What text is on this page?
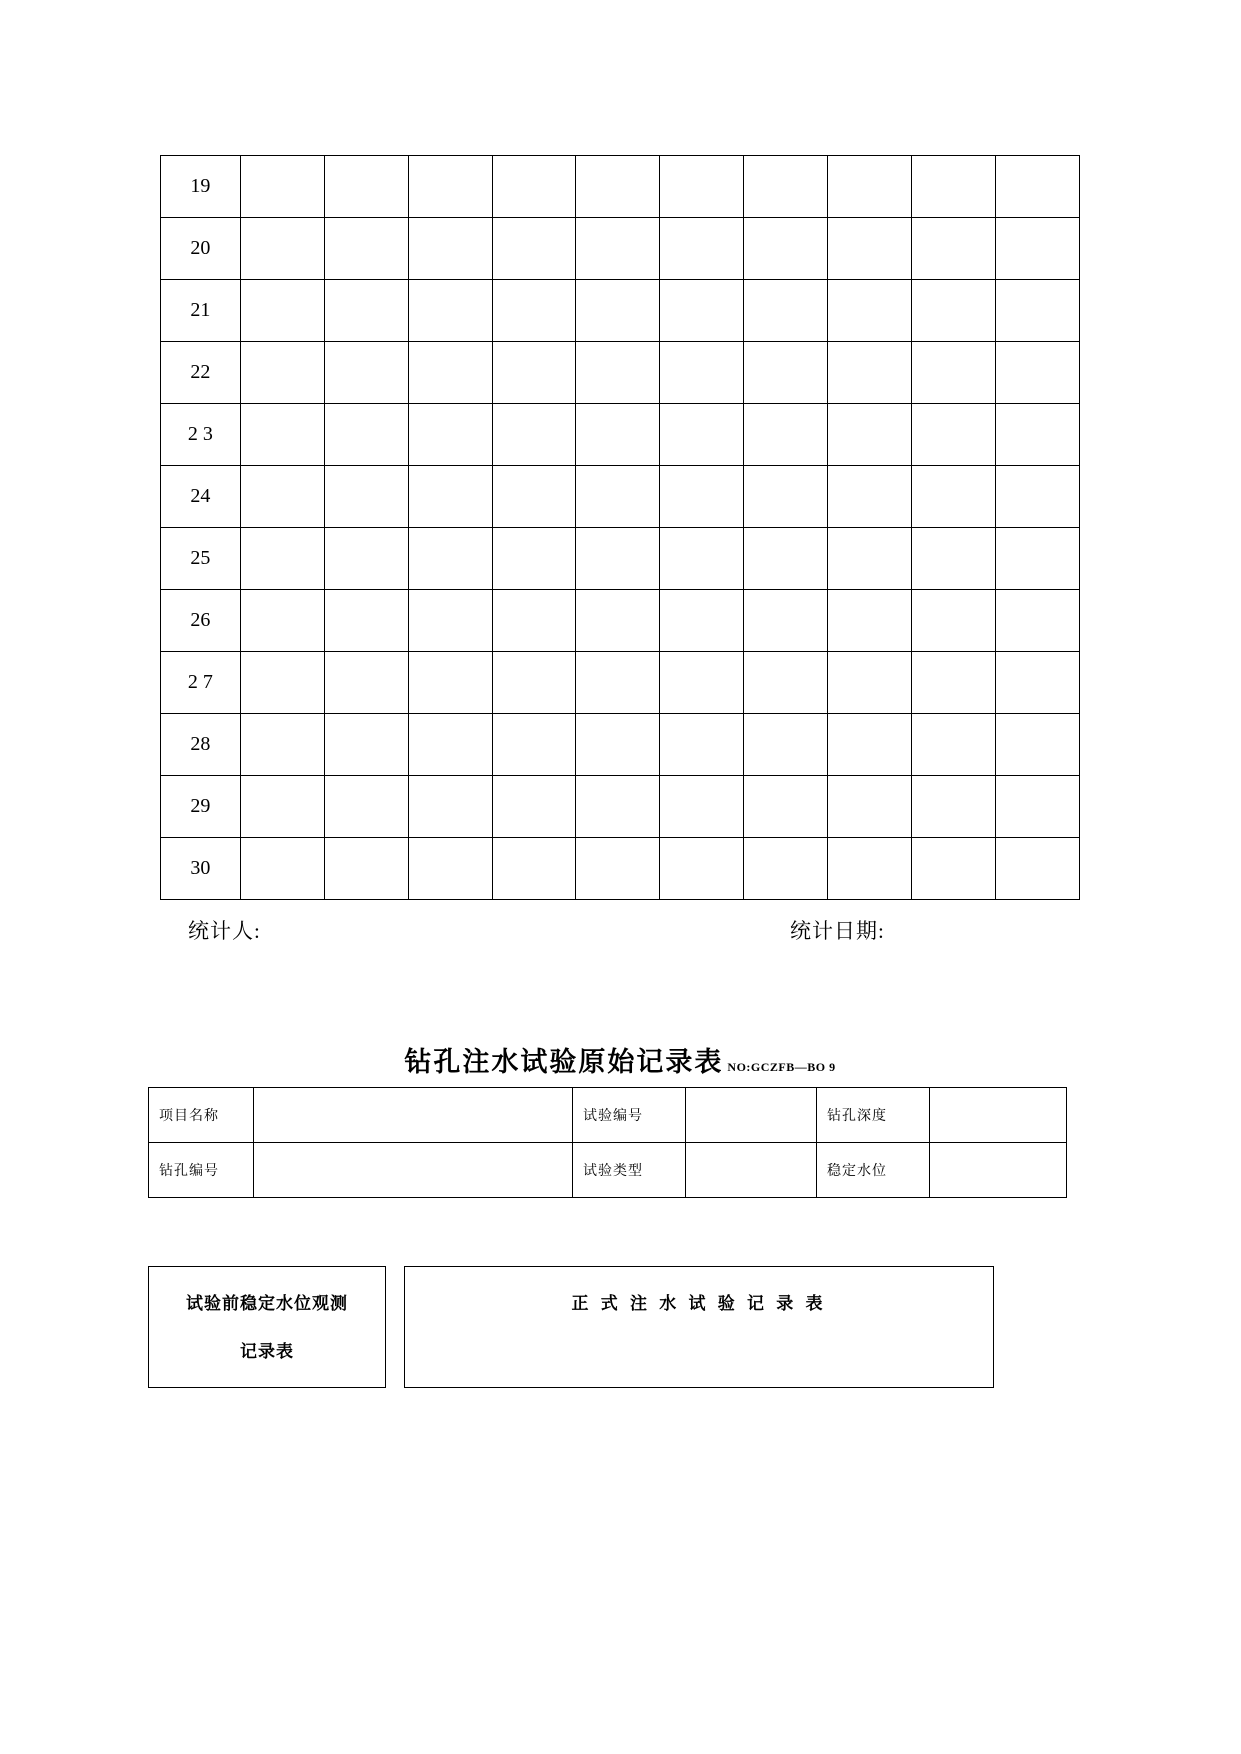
19										
20										
21										
22										
2 3										
24										
25										
26										
2 7										
28										
29										
30										
统计人:	统计日期:
钻孔注水试验原始记录表 NO:GCZFB—BO 9
项目名称		试验编号		钻孔深度	
钻孔编号		试验类型		稳定水位	
试验前稳定水位观测
记录表
正 式 注 水 试 验 记 录 表
